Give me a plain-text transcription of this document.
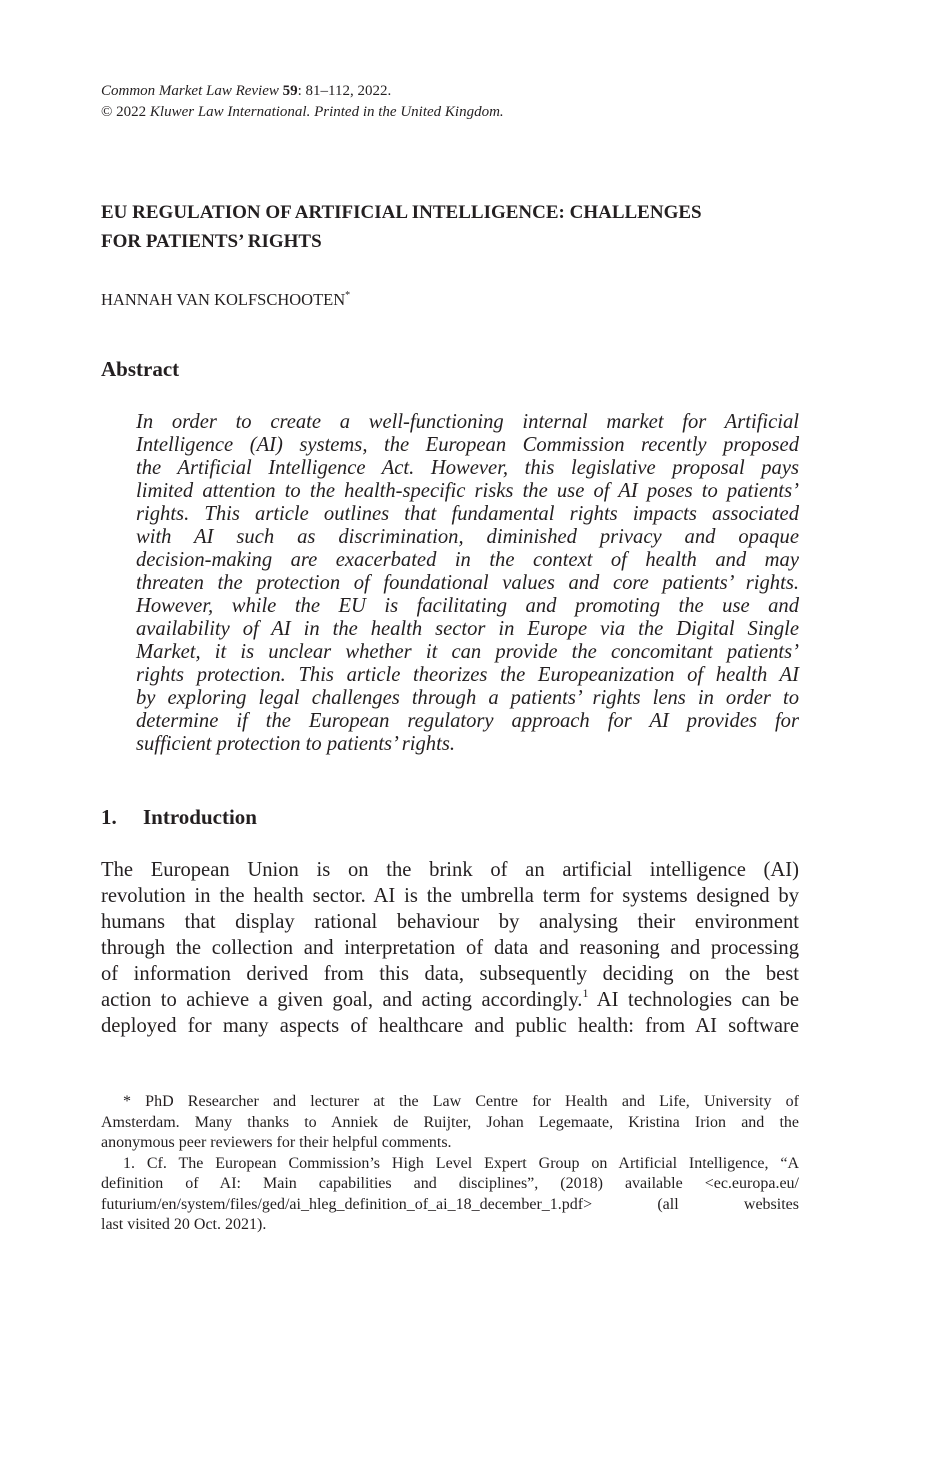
Common Market Law Review 59: 81–112, 2022.
© 2022 Kluwer Law International. Printed in the United Kingdom.
EU REGULATION OF ARTIFICIAL INTELLIGENCE: CHALLENGES
FOR PATIENTS’ RIGHTS
HANNAH VAN KOLFSCHOOTEN*
Abstract
In order to create a well-functioning internal market for Artificial
Intelligence (AI) systems, the European Commission recently proposed
the Artificial Intelligence Act. However, this legislative proposal pays
limited attention to the health-specific risks the use of AI poses to patients’
rights. This article outlines that fundamental rights impacts associated
with AI such as discrimination, diminished privacy and opaque
decision-making are exacerbated in the context of health and may
threaten the protection of foundational values and core patients’ rights.
However, while the EU is facilitating and promoting the use and
availability of AI in the health sector in Europe via the Digital Single
Market, it is unclear whether it can provide the concomitant patients’
rights protection. This article theorizes the Europeanization of health AI
by exploring legal challenges through a patients’ rights lens in order to
determine if the European regulatory approach for AI provides for
sufficient protection to patients’ rights.
1. Introduction
The European Union is on the brink of an artificial intelligence (AI)
revolution in the health sector. AI is the umbrella term for systems designed by
humans that display rational behaviour by analysing their environment
through the collection and interpretation of data and reasoning and processing
of information derived from this data, subsequently deciding on the best
action to achieve a given goal, and acting accordingly.$^1$ AI technologies can be
deployed for many aspects of healthcare and public health: from AI software
* PhD Researcher and lecturer at the Law Centre for Health and Life, University of
Amsterdam. Many thanks to Anniek de Ruijter, Johan Legemaate, Kristina Irion and the
anonymous peer reviewers for their helpful comments.
1. Cf. The European Commission’s High Level Expert Group on Artificial Intelligence, “A
definition of AI: Main capabilities and disciplines”, (2018) available <ec.europa.eu/
futurium/en/system/files/ged/ai_hleg_definition_of_ai_18_december_1.pdf> (all websites
last visited 20 Oct. 2021).
